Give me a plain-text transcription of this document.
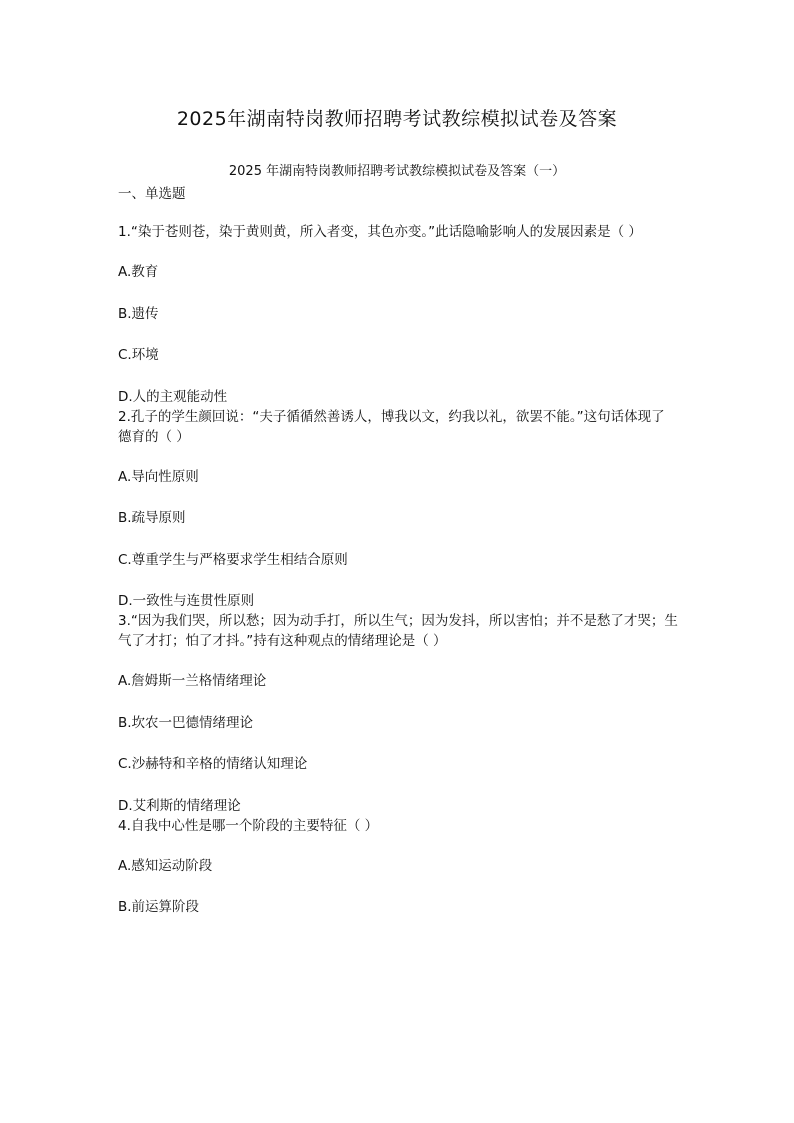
2025年湖南特岗教师招聘考试教综模拟试卷及答案
2025 年湖南特岗教师招聘考试教综模拟试卷及答案（一）
一、单选题

1.“染于苍则苍，染于黄则黄，所入者变，其色亦变。”此话隐喻影响人的发展因素是（ ）

A.教育

B.遗传

C.环境

D.人的主观能动性

2.孔子的学生颜回说：“夫子循循然善诱人，博我以文，约我以礼，欲罢不能。”这句话体现了德育的（ ）

A.导向性原则

B.疏导原则

C.尊重学生与严格要求学生相结合原则

D.一致性与连贯性原则

3.“因为我们哭，所以愁；因为动手打，所以生气；因为发抖，所以害怕；并不是愁了才哭；生气了才打；怕了才抖。”持有这种观点的情绪理论是（ ）

A.詹姆斯一兰格情绪理论

B.坎农一巴德情绪理论

C.沙赫特和辛格的情绪认知理论

D.艾利斯的情绪理论

4.自我中心性是哪一个阶段的主要特征（ ）

A.感知运动阶段

B.前运算阶段
